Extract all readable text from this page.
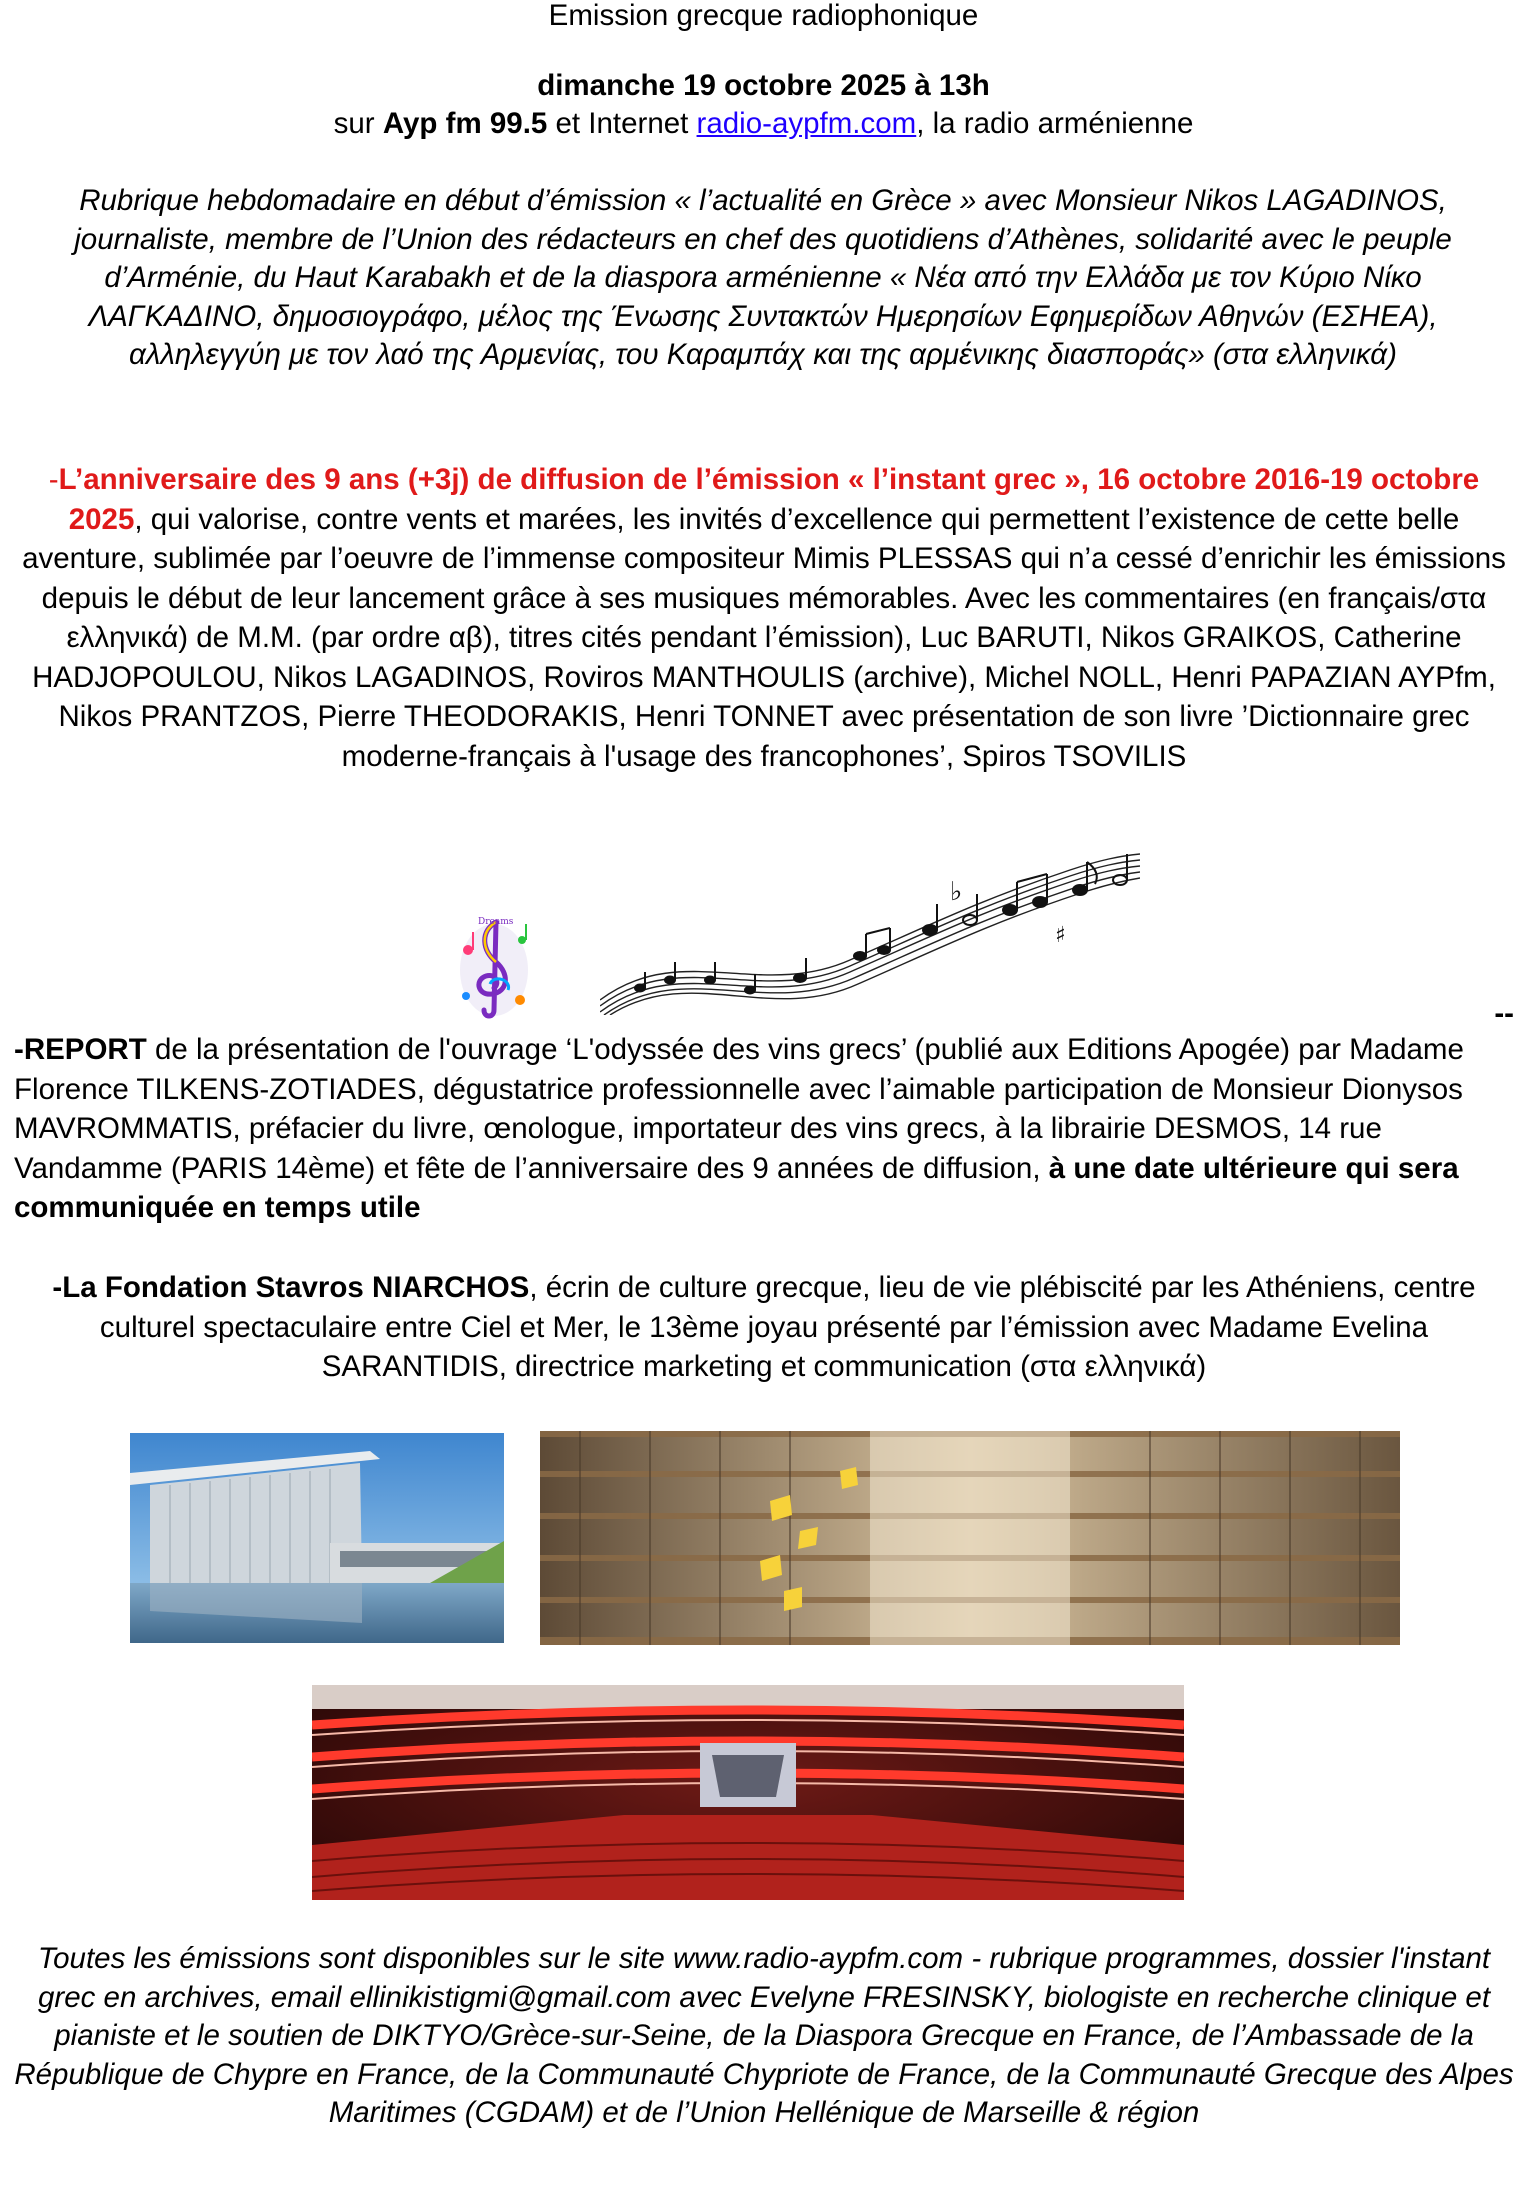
Emission grecque radiophonique

dimanche 19 octobre 2025 à 13h

sur Ayp fm 99.5 et Internet radio-aypfm.com, la radio arménienne

Rubrique hebdomadaire en début d’émission « l’actualité en Grèce » avec Monsieur Nikos LAGADINOS, journaliste, membre de l’Union des rédacteurs en chef des quotidiens d’Athènes, solidarité avec le peuple d’Arménie, du Haut Karabakh et de la diaspora arménienne « Νέα από την Ελλάδα με τον Κύριο Νίκο ΛΑΓΚΑΔΙΝΟ, δημοσιογράφο, μέλος της Ένωσης Συντακτών Ημερησίων Εφημερίδων Αθηνών (ΕΣΗΕΑ), αλληλεγγύη με τον λαό της Αρμενίας, του Καραμπάχ και της αρμένικης διασποράς» (στα ελληνικά)

-L’anniversaire des 9 ans (+3j) de diffusion de l’émission « l’instant grec », 16 octobre 2016-19 octobre 2025, qui valorise, contre vents et marées, les invités d’excellence qui permettent l’existence de cette belle aventure, sublimée par l’oeuvre de l’immense compositeur Mimis PLESSAS qui n’a cessé d’enrichir les émissions depuis le début de leur lancement grâce à ses musiques mémorables. Avec les commentaires (en français/στα ελληνικά) de M.M. (par ordre αβ), titres cités pendant l’émission), Luc BARUTI, Nikos GRAIKOS, Catherine HADJOPOULOU, Nikos LAGADINOS, Roviros MANTHOULIS (archive), Michel NOLL, Henri PAPAZIAN AYPfm, Nikos PRANTZOS, Pierre THEODORAKIS, Henri TONNET avec présentation de son livre ’Dictionnaire grec moderne-français à l'usage des francophones’, Spiros TSOVILIS

Dreams
♭
♯

--
-REPORT de la présentation de l'ouvrage ‘L'odyssée des vins grecs’ (publié aux Editions Apogée) par Madame Florence TILKENS-ZOTIADES, dégustatrice professionnelle avec l’aimable participation de Monsieur Dionysos MAVROMMATIS, préfacier du livre, œnologue, importateur des vins grecs, à la librairie DESMOS, 14 rue Vandamme (PARIS 14ème) et fête de l’anniversaire des 9 années de diffusion, à une date ultérieure qui sera communiquée en temps utile

-La Fondation Stavros NIARCHOS, écrin de culture grecque, lieu de vie plébiscité par les Athéniens, centre culturel spectaculaire entre Ciel et Mer, le 13ème joyau présenté par l’émission avec Madame Evelina SARANTIDIS, directrice marketing et communication (στα ελληνικά)

Toutes les émissions sont disponibles sur le site www.radio-aypfm.com - rubrique programmes, dossier l'instant grec en archives, email ellinikistigmi@gmail.com avec Evelyne FRESINSKY, biologiste en recherche clinique et pianiste et le soutien de DIKTYO/Grèce-sur-Seine, de la Diaspora Grecque en France, de l’Ambassade de la République de Chypre en France, de la Communauté Chypriote de France, de la Communauté Grecque des Alpes Maritimes (CGDAM) et de l’Union Hellénique de Marseille & région
